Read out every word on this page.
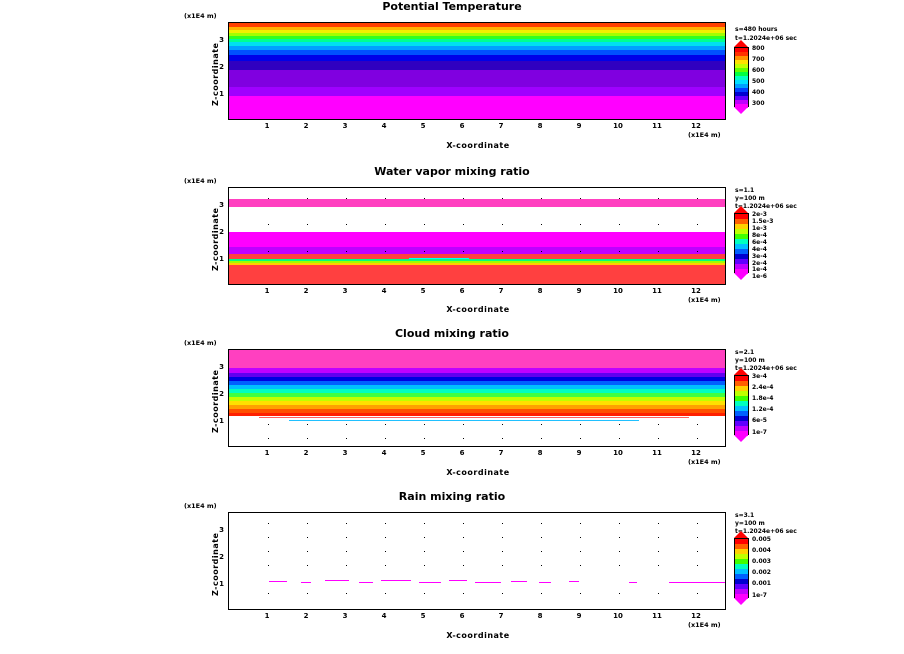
Potential Temperature
(x1E4 m)
Z-coordinate 1
2
3
1	2	3	4	5	6	7	8	9	10	11	12
(x1E4 m)
X-coordinate
s=480 hours
t=1.2024e+06 sec
800
700
600
500
400
300
Water vapor mixing ratio
(x1E4 m)
Z-coordinate 1
2
3
1	2	3	4	5	6	7	8	9	10	11	12
(x1E4 m)
X-coordinate
s=1.1
y=100 m
t=1.2024e+06 sec
2e-3
1.5e-3
1e-3
8e-4
6e-4
4e-4
3e-4
2e-4
1e-4
1e-6
Cloud mixing ratio
(x1E4 m)
Z-coordinate 1
2
3
1	2	3	4	5	6	7	8	9	10	11	12
(x1E4 m)
X-coordinate
s=2.1
y=100 m
t=1.2024e+06 sec
3e-4
2.4e-4
1.8e-4
1.2e-4
6e-5
1e-7
Rain mixing ratio
(x1E4 m)
Z-coordinate 1
2
3
1	2	3	4	5	6	7	8	9	10	11	12
(x1E4 m)
X-coordinate
s=3.1
y=100 m
t=1.2024e+06 sec
0.005
0.004
0.003
0.002
0.001
1e-7
